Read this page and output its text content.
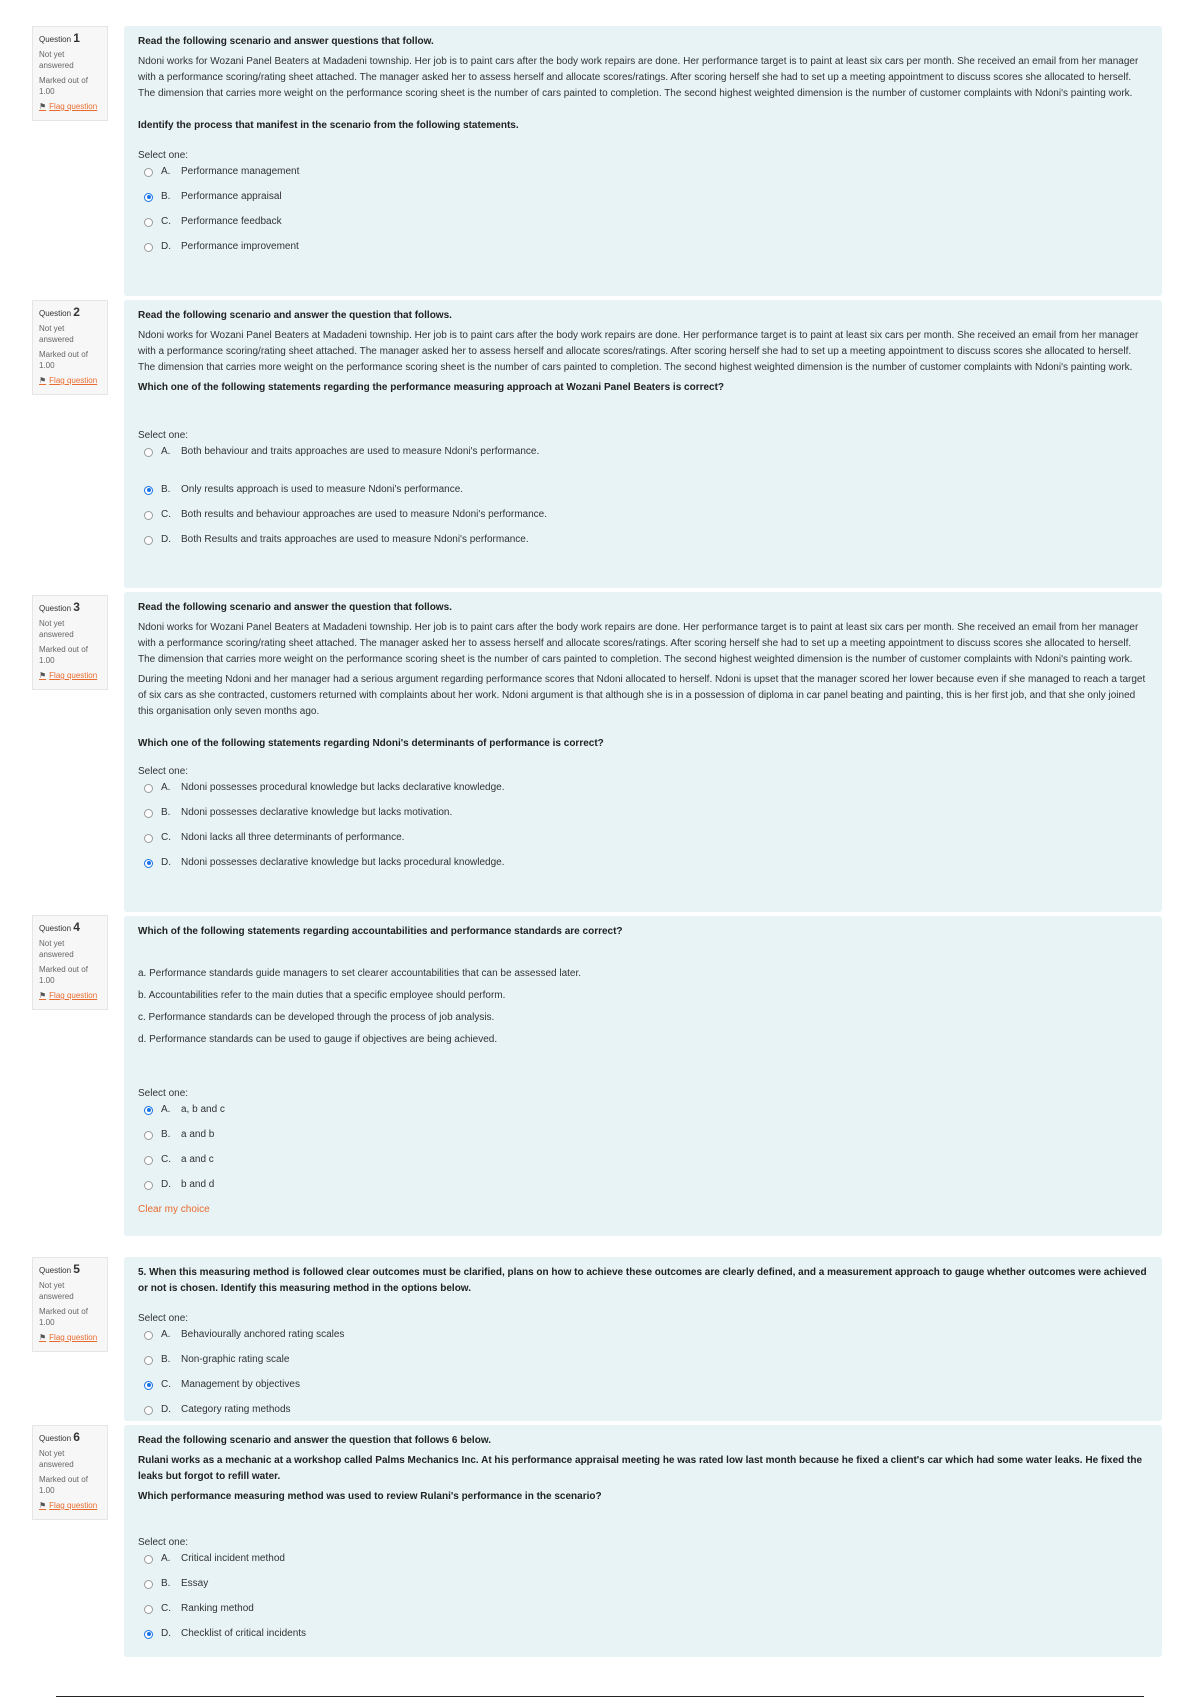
Question 1
Not yet answered
Marked out of 1.00
⚑ Flag question
Question 2
Not yet answered
Marked out of 1.00
⚑ Flag question
Question 3
Not yet answered
Marked out of 1.00
⚑ Flag question
Question 4
Not yet answered
Marked out of 1.00
⚑ Flag question
Question 5
Not yet answered
Marked out of 1.00
⚑ Flag question
Question 6
Not yet answered
Marked out of 1.00
⚑ Flag question

Read the following scenario and answer questions that follow.

Ndoni works for Wozani Panel Beaters at Madadeni township. Her job is to paint cars after the body work repairs are done. Her performance target is to paint at least six cars per month. She received an email from her manager with a performance scoring/rating sheet attached. The manager asked her to assess herself and allocate scores/ratings. After scoring herself she had to set up a meeting appointment to discuss scores she allocated to herself. The dimension that carries more weight on the performance scoring sheet is the number of cars painted to completion. The second highest weighted dimension is the number of customer complaints with Ndoni's painting work.

Identify the process that manifest in the scenario from the following statements.

Select one:

A.	Performance management
B.	Performance appraisal
C.	Performance feedback
D.	Performance improvement

Read the following scenario and answer the question that follows.

Ndoni works for Wozani Panel Beaters at Madadeni township. Her job is to paint cars after the body work repairs are done. Her performance target is to paint at least six cars per month. She received an email from her manager with a performance scoring/rating sheet attached. The manager asked her to assess herself and allocate scores/ratings. After scoring herself she had to set up a meeting appointment to discuss scores she allocated to herself. The dimension that carries more weight on the performance scoring sheet is the number of cars painted to completion. The second highest weighted dimension is the number of customer complaints with Ndoni's painting work.

Which one of the following statements regarding the performance measuring approach at Wozani Panel Beaters is correct?

Select one:

A.	Both behaviour and traits approaches are used to measure Ndoni's performance.
B.	Only results approach is used to measure Ndoni's performance.
C.	Both results and behaviour approaches are used to measure Ndoni's performance.
D.	Both Results and traits approaches are used to measure Ndoni's performance.

Read the following scenario and answer the question that follows.

Ndoni works for Wozani Panel Beaters at Madadeni township. Her job is to paint cars after the body work repairs are done. Her performance target is to paint at least six cars per month. She received an email from her manager with a performance scoring/rating sheet attached. The manager asked her to assess herself and allocate scores/ratings. After scoring herself she had to set up a meeting appointment to discuss scores she allocated to herself. The dimension that carries more weight on the performance scoring sheet is the number of cars painted to completion. The second highest weighted dimension is the number of customer complaints with Ndoni's painting work.

During the meeting Ndoni and her manager had a serious argument regarding performance scores that Ndoni allocated to herself. Ndoni is upset that the manager scored her lower because even if she managed to reach a target of six cars as she contracted, customers returned with complaints about her work. Ndoni argument is that although she is in a possession of diploma in car panel beating and painting, this is her first job, and that she only joined this organisation only seven months ago.

Which one of the following statements regarding Ndoni's determinants of performance is correct?

Select one:

A.	Ndoni possesses procedural knowledge but lacks declarative knowledge.
B.	Ndoni possesses declarative knowledge but lacks motivation.
C.	Ndoni lacks all three determinants of performance.
D.	Ndoni possesses declarative knowledge but lacks procedural knowledge.

Which of the following statements regarding accountabilities and performance standards are correct?

a. Performance standards guide managers to set clearer accountabilities that can be assessed later.

b. Accountabilities refer to the main duties that a specific employee should perform.

c. Performance standards can be developed through the process of job analysis.

d. Performance standards can be used to gauge if objectives are being achieved.

Select one:

A.	a, b and c
B.	a and b
C.	a and c
D.	b and d

Clear my choice

5. When this measuring method is followed clear outcomes must be clarified, plans on how to achieve these outcomes are clearly defined, and a measurement approach to gauge whether outcomes were achieved or not is chosen. Identify this measuring method in the options below.

Select one:

A.	Behaviourally anchored rating scales
B.	Non-graphic rating scale
C.	Management by objectives
D.	Category rating methods

Read the following scenario and answer the question that follows 6 below.

Rulani works as a mechanic at a workshop called Palms Mechanics Inc. At his performance appraisal meeting he was rated low last month because he fixed a client's car which had some water leaks. He fixed the leaks but forgot to refill water.

Which performance measuring method was used to review Rulani's performance in the scenario?

Select one:

A.	Critical incident method
B.	Essay
C.	Ranking method
D.	Checklist of critical incidents
